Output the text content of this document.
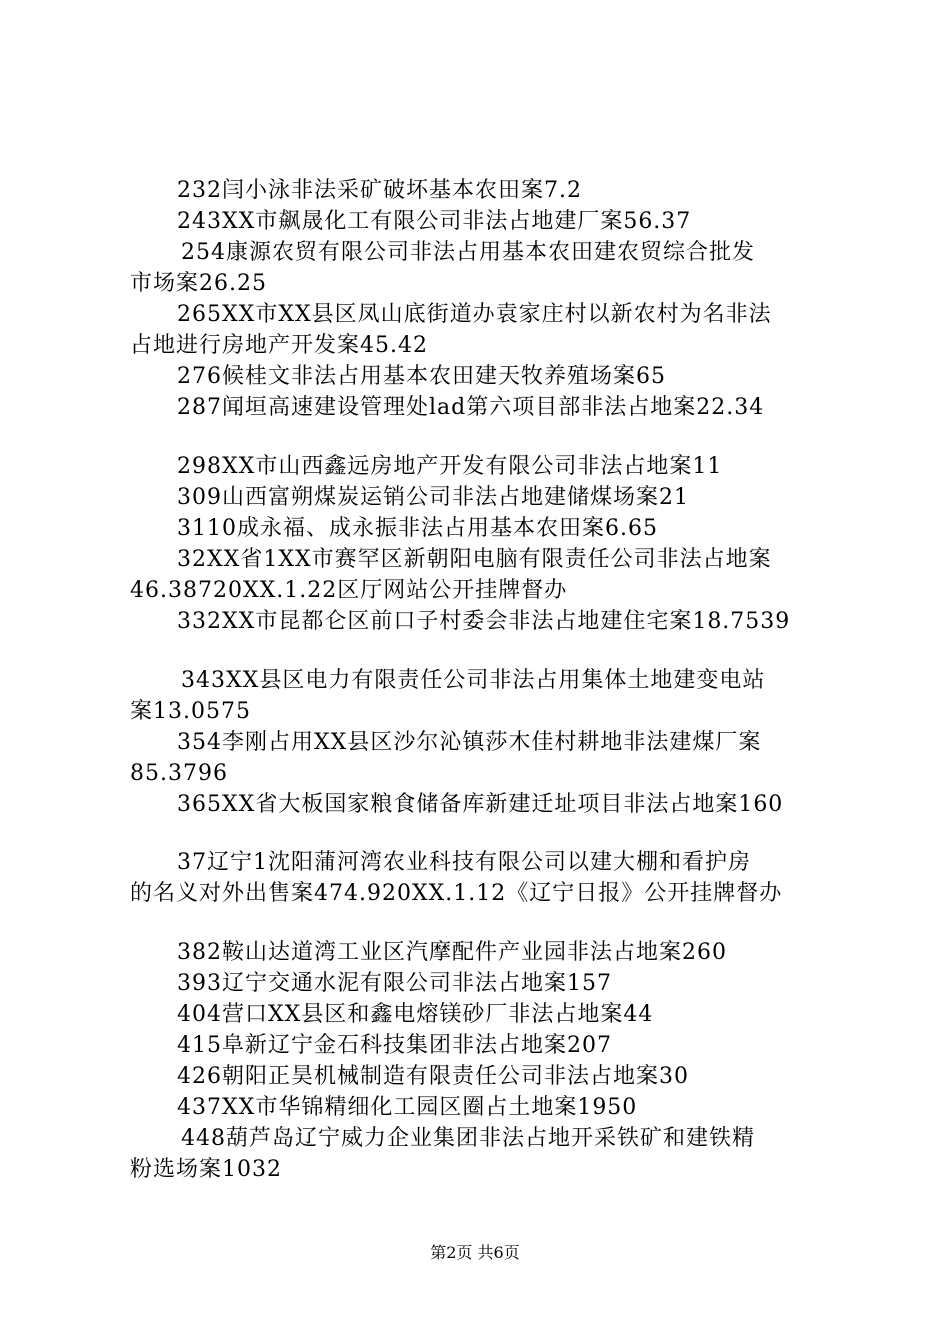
232闫小泳非法采矿破坏基本农田案7.2
243XX市飙晟化工有限公司非法占地建厂案56.37
254康源农贸有限公司非法占用基本农田建农贸综合批发
市场案26.25
265XX市XX县区凤山底街道办袁家庄村以新农村为名非法
占地进行房地产开发案45.42
276候桂文非法占用基本农田建天牧养殖场案65
287闻垣高速建设管理处lad第六项目部非法占地案22.34
298XX市山西鑫远房地产开发有限公司非法占地案11
309山西富朔煤炭运销公司非法占地建储煤场案21
3110成永福、成永振非法占用基本农田案6.65
32XX省1XX市赛罕区新朝阳电脑有限责任公司非法占地案
46.38720XX.1.22区厅网站公开挂牌督办
332XX市昆都仑区前口子村委会非法占地建住宅案18.7539
343XX县区电力有限责任公司非法占用集体土地建变电站
案13.0575
354李刚占用XX县区沙尔沁镇莎木佳村耕地非法建煤厂案
85.3796
365XX省大板国家粮食储备库新建迁址项目非法占地案160
37辽宁1沈阳蒲河湾农业科技有限公司以建大棚和看护房
的名义对外出售案474.920XX.1.12《辽宁日报》公开挂牌督办
382鞍山达道湾工业区汽摩配件产业园非法占地案260
393辽宁交通水泥有限公司非法占地案157
404营口XX县区和鑫电熔镁砂厂非法占地案44
415阜新辽宁金石科技集团非法占地案207
426朝阳正昊机械制造有限责任公司非法占地案30
437XX市华锦精细化工园区圈占土地案1950
448葫芦岛辽宁威力企业集团非法占地开采铁矿和建铁精
粉选场案1032
第2页 共6页
